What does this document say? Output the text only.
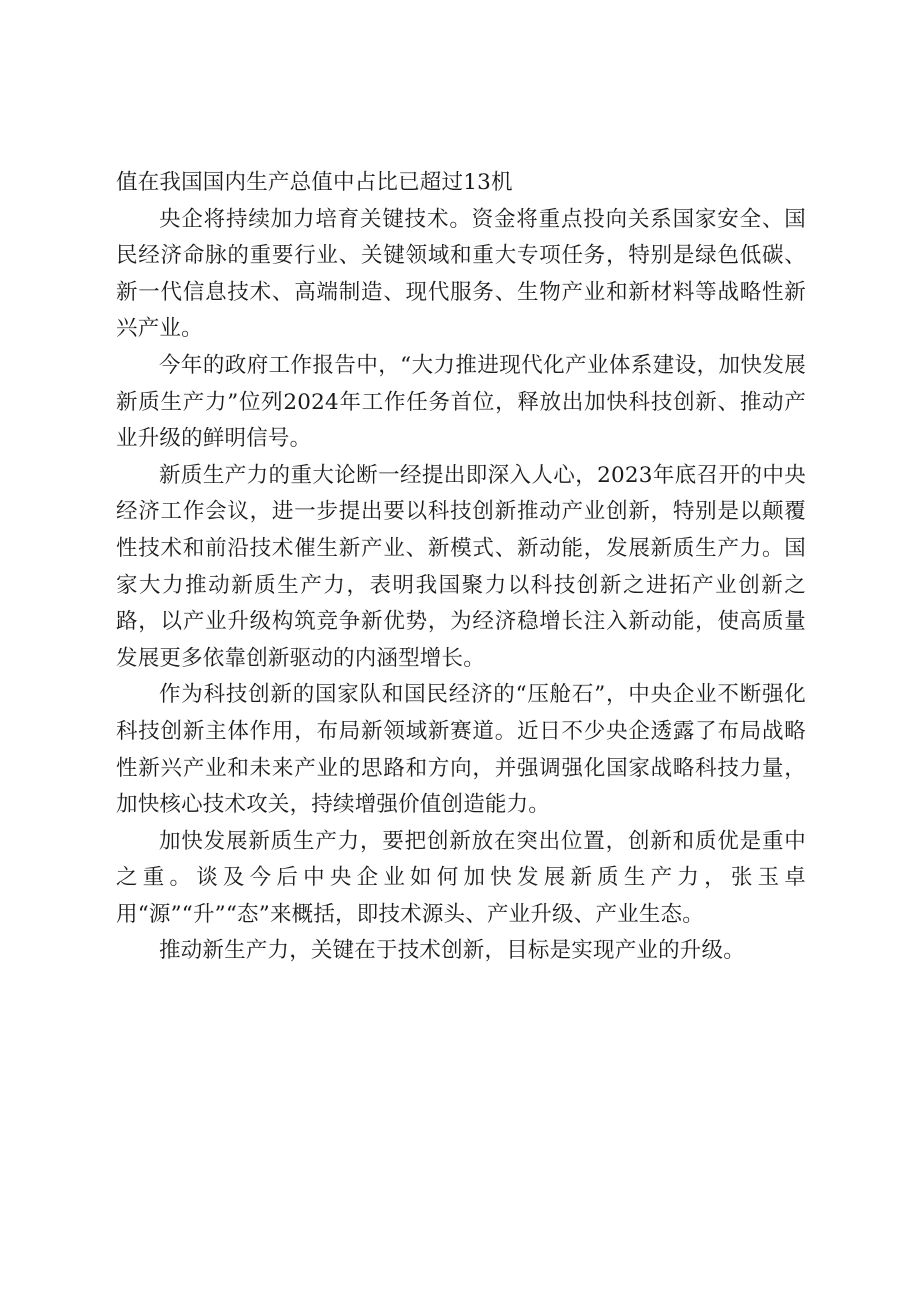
值在我国国内生产总值中占比已超过13机

央企将持续加力培育关键技术。资金将重点投向关系国家安全、国民经济命脉的重要行业、关键领域和重大专项任务，特别是绿色低碳、新一代信息技术、高端制造、现代服务、生物产业和新材料等战略性新兴产业。

今年的政府工作报告中，“大力推进现代化产业体系建设，加快发展新质生产力”位列2024年工作任务首位，释放出加快科技创新、推动产业升级的鲜明信号。

新质生产力的重大论断一经提出即深入人心，2023年底召开的中央经济工作会议，进一步提出要以科技创新推动产业创新，特别是以颠覆性技术和前沿技术催生新产业、新模式、新动能，发展新质生产力。国家大力推动新质生产力，表明我国聚力以科技创新之进拓产业创新之路，以产业升级构筑竞争新优势，为经济稳增长注入新动能，使高质量发展更多依靠创新驱动的内涵型增长。

作为科技创新的国家队和国民经济的“压舱石”，中央企业不断强化科技创新主体作用，布局新领域新赛道。近日不少央企透露了布局战略性新兴产业和未来产业的思路和方向，并强调强化国家战略科技力量，加快核心技术攻关，持续增强价值创造能力。

加快发展新质生产力，要把创新放在突出位置，创新和质优是重中之重。谈及今后中央企业如何加快发展新质生产力，张玉卓用“源”“升”“态”来概括，即技术源头、产业升级、产业生态。

推动新生产力，关键在于技术创新，目标是实现产业的升级。
